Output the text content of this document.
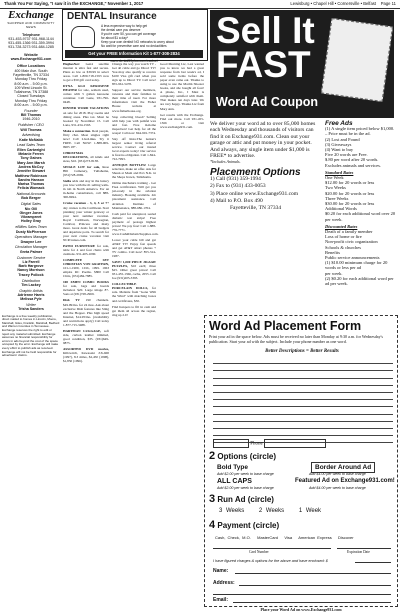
Thank You For Saying, "I saw it in the EXCHANGE," November 1, 2017	Lewisburg • Chapel Hill • Cornersville • Belfast Page 11
Exchange
SHOPPER AND COMMUNITY NEWS
Telephone
931-453-9737 931-968-1144
931-455-1366 931-359-3994
931-728-3273 931-684-1285
Website
www.Exchange931.com
Office Locations
400 Main Ave. South
Fayetteville, TN 37334
Monday Thru Friday
8:00 a.m. - 5:00 p.m.
109 West Lincoln St.
Tullahoma, TN 37388
Closed Tuesdays
Monday Thru Friday
8:00 a.m. - 5:00 p.m.
Founder
Bill Thomas
1946-2010
Publisher / CEO
Will Thomas
Advertising
Katie McNabb
Lead Sales Team
Ellen Cartwright
Melanie Ferren
Tony Gaines
Mary Ann Marsh
Andrea McCoy
Jennifer Stewart
Matthew Robinson
Sandra Hanson
Marisa Thomas
Felicia Womack
National Accounts
Bob Berger
Digital Sales
Nic Gill
Ginger Jones
Vikrampreet
Holley Gray
eBillies Sales Team
Dusty McPherson
Operations Manager
Dwayne Lee
Circulation Manager
Greta Palmer
Customer Service
Liz Farrell
Barb Hargrove
Nancy Morrison
Tracey Pollock
Distribution
Tim Lackey
Graphic Artists
Adrienne Harris
Melissa Pyle
Writer
Trisha Sanders
Exchange is a free weekly publication, direct mailed to homes in Lincoln, Moore, Marshall, Giles, Franklin, Marshall, Bedford and Warren Counties in Tennessee. Exchange reserves the right to edit or reject any material submitted. Exchange assumes no financial responsibility for errors in ads beyond the cost of the space occupied by the error. Exchange will make every effort to publish ads as received. Exchange will not be held responsible for advertisers' claims.
DENTAL Insurance
A less expensive way to help get
the dental care you deserve
If you're over 50, you can get coverage
for about $1 a day*
Keep your own dentist! NO networks to worry about
No wait for preventive care and no deductibles
Get your FREE Information Kit 1-877-308-2834
www.dental50plus.com/cadnet

HughesNet: Gen4 satellite internet is ultra fast and secure. Plans as low as $39.99 in select areas. Call 1-800-718-1593 now to get a $50 gift card today.

DYNA GLO KEROSENE HEATER for sale, seldom used, comes with 5 gallon kerosene container. Call Gene, 931-796-0448.

DINNER WORD VACATIONS on sale for 2018. Play rooms and dining areas. Plus tax. Must be booked by November 15. Call Lana, 931-434-1563.

Make a connection. Real people, flirty chat. Meet singles right now! Call LiveLinks. Try it FREE. Call NOW: 1-888-909-9905 18+.

CHRISTMAS DECORATIONS, all kinds and sizes, $10. (931)273-8138.

SINGLE LOT for sale, Rose Hill Cemetery, Tullahoma, (931)728-2969.

Stella adds and stay in the luxury you love with the #1 selling walk-in tub in North America. For an in-home consultation, call 888-300-8494.

Cruise vacation - 3, 4, 5 or 7+ day cruises to the Caribbean. Start planning your winter getaway or your next summer vacation. Royal Caribbean, Norwegian, Carnival, Princess and many more. Great deals for all budgets and departure ports. To search for your next cruise vacation visit NCPcruises.com.

PATIO FURNITURE for sale, table for 4 and four chairs with cushions. 931-405-1090.

COMPLETE SET CHRISTIAN VON GRAVERN, 101-1-1909, 101b, 1099. 1963 empire RC Poems. $800 Call Chris, (931)484-7885.

100 XMEN COMIC BOOKS for sale, bags and boards included. $20. Large image 8+. Sons at (931)728-2969.

Dish TV 190 channels. $49.99/mo. for 24 mos. Ask about exclusive Dish features like Sling and the Hopper. Plus high speed Internet, $14.95/mo. (availability and restrictions apply) Call today 1-877-715-3488.

HARTMAN LUGGAGE, soft side, carbon leather trimmed, good condition, $35. (931)649-9875.

ASSORTED DVD movies, Killswitch, Kawasaki ZX-600 (1997), 8.3 miles, $2,450 (1998), $1,850 (1996).

Change the way you watch TV - Get all cable and go Direct TV! You may also qualify to receive $100 Visa gift card when you sign up to Direct TV. Call now! 855-961-5478.

Support our service members, veterans and their families in their time of need. For more information visit the Fisher House website at www.fisherhouse.org.

Stop collecting blood? Selling with help you with painful wax and fast. Free in-home inspection! Get help for all the wasps! Call now: 844-901-7374.

Stay off Insta.The nation's largest senior living referral service. Contact our trusted local experts today! Our service is free/no obligation. Call 1-844-722-7993.

ANTIQUE BOTTLES! Large selection, make an offer. Ask for Shaun at Mom and Pa's N.K. in the Shops brown, Tullahoma.

Online mechanics training - Get FAA certification. Will get you job-ready in the aviation industry. Housing available. Job placement assistance. Call Aviation Institute of Maintenance, 888-686-1704.

Cash paid for unexpired, sealed diabetic test strips! Free payment of postage highest prices! We pay free! Call 1-888-776-7771. www.Cash4DiabeticSupplies.com.

Lower your cable bill and get AT&T TV! Enjoy fast speeds and get AT&T smart phones + TV combo. Call now! 855-314-1987.

SAVE! 1,000 PIECE JIGSAW PUZZLES, $10 each; three $25. Other great prices! Call 931-455-1366, cache, 2055. Call Joe (931)205-3393.

COLLECTIBLE PORCELAIN DOLLS, for sale. Melanie from "Gone With the Wind" with matching boxes and certificates, $30.

Find hotspots to fill in cash and get them all across the region, ring up 2.0!

Good Morning Liz, Last wanted you to know we had a great response from last week's ad, I sold some items before the paper even came out. Thanks to using to use the Marlin Shooter books, and she bought all four! A phone, Inc., I Mast is completely satisfied with them. That makes ten days later. We are very happy. Thanks Liz from Mary Ann.

Get results with the Exchange. Find out more. Call 931-455-1366 or visit www.exchange931.com.

Sell It FAST
Word Ad Coupon
We deliver your word ad to over 85,000 homes each Wednesday and thousands of visitors can find it on Exchange931.com. Clean out your garage or attic and put money in your pocket. And always, any single item under $1,000 is FREE* to advertise.
*Includes Animals.
Placement Options
1) Call (931) 359-1994
2) Fax to (931) 433-0053
3) Place online www.Exchange931.com
4) Mail to P.O. Box 490
Fayetteville, TN 37334
Free Ads
(1) A single item priced below $1,000.
– Price must be in the ad.
(2) Lost and Found
(3) Giveaways
(4) Want to buy
Five 20 words are Free.
$.80 per word after 20 words.
Excludes animals and services.
Standard Rates
One Week
$12.00 for 20 words or less
Two Weeks
$20.00 for 20 words or less
Three Weeks
$30.00 for 20 words or less
Additional Words
$0.20 for each additional word over 20 per week.
Discounted Rates
Death of a family member
Loss of home or fire
Non-profit civic organization
Schools & churches
Benefits
Public service announcements
(1) $10.00 minimum charge for 20 words or less per ad
per week.
(2) $0.20 for each additional word per ad per week.
Word Ad Placement Form
Print your ad in the space below. Ads must be received no later than Monday at 9:30 a.m. for Wednesday's publication. Start your ad with the subject. Include your phone number as one word.
Better Descriptions = Better Results
Phone
2 Options (circle)
Bold Type
Add $2.00 per week to base charge
ALL CAPS
Add $2.00 per week to base charge
Border Around Ad
Add $4.00 per week to base charge
Featured Ad on Exchange931.com!
Add $4.00 per week to base charge
3 Run Ad (circle)
3 Weeks 2 Weeks 1 Week
4 Payment (circle)
Cash, Check, M.O. MasterCard Visa American Express Discover
Card Number	Expiration Date
I have figured charges & options for the above and have enclosed: $
Name:
Address:
Email:
Place your Word Ad on www.Exchange931.com
